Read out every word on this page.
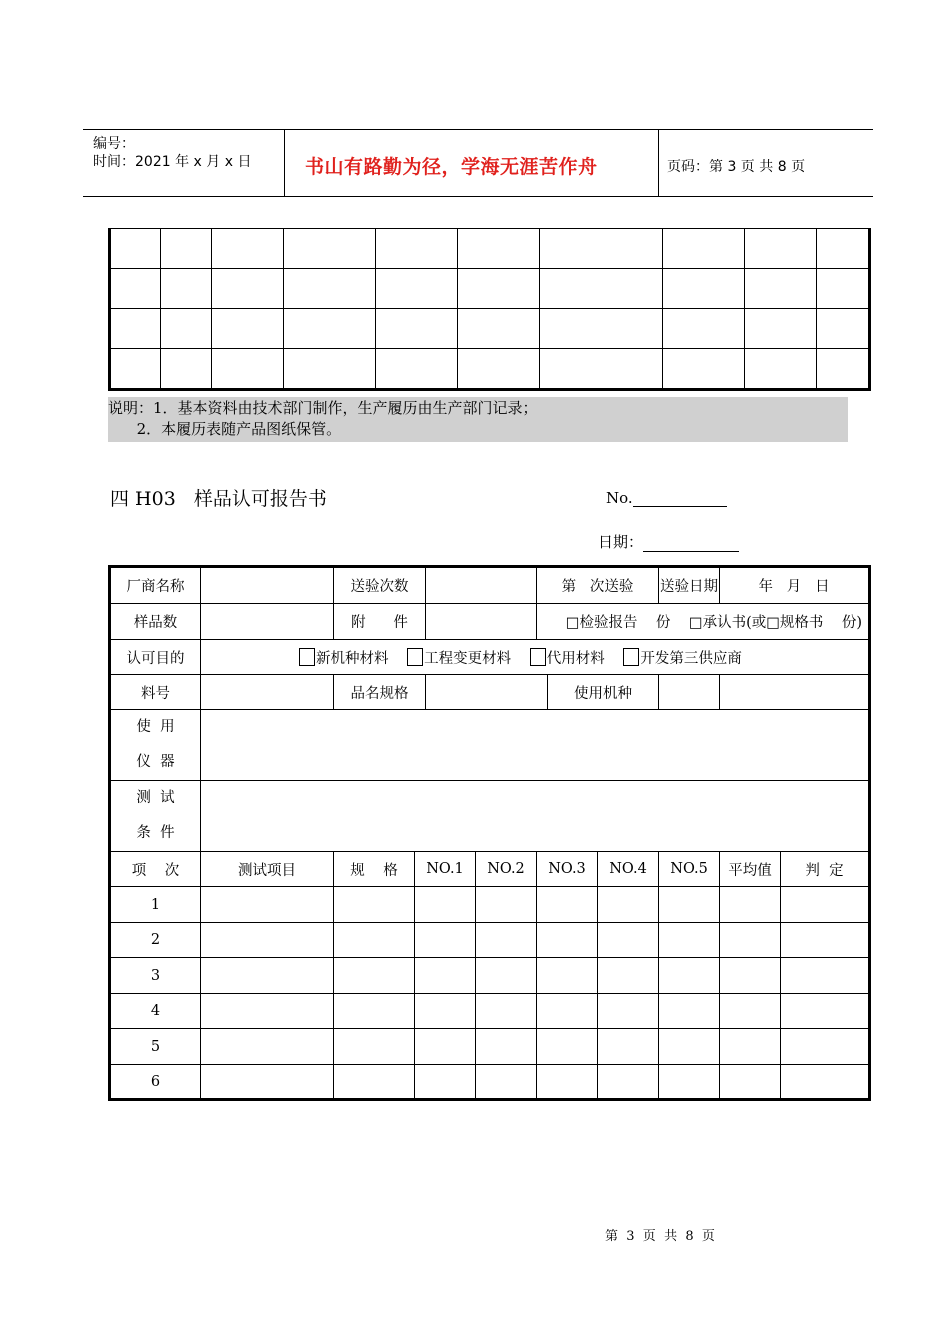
编号：
时间：2021 年 x 月 x 日	书山有路勤为径，学海无涯苦作舟	页码：第 3 页 共 8 页

说明：1．基本资料由技术部门制作，生产履历由生产部门记录；
2．本履历表随产品图纸保管。
四 H03   样品认可报告书	No.
日期：
厂商名称		送验次数				第   次送验			送验日期	年   月   日	
样品数		附      件				□检验报告    份    □承认书(或□规格书    份)					
认可目的	新机种材料 工程变更材料 代用材料 开发第三供应商										
料号		品名规格					使用机种				

使  用
仪  器											

测  试
条  件											

项    次	测试项目	规    格	NO.1		NO.2	NO.3		NO.4	NO.5	平均值	判  定
1											
2											
3											
4											
5											
6											
第  3  页  共  8  页
